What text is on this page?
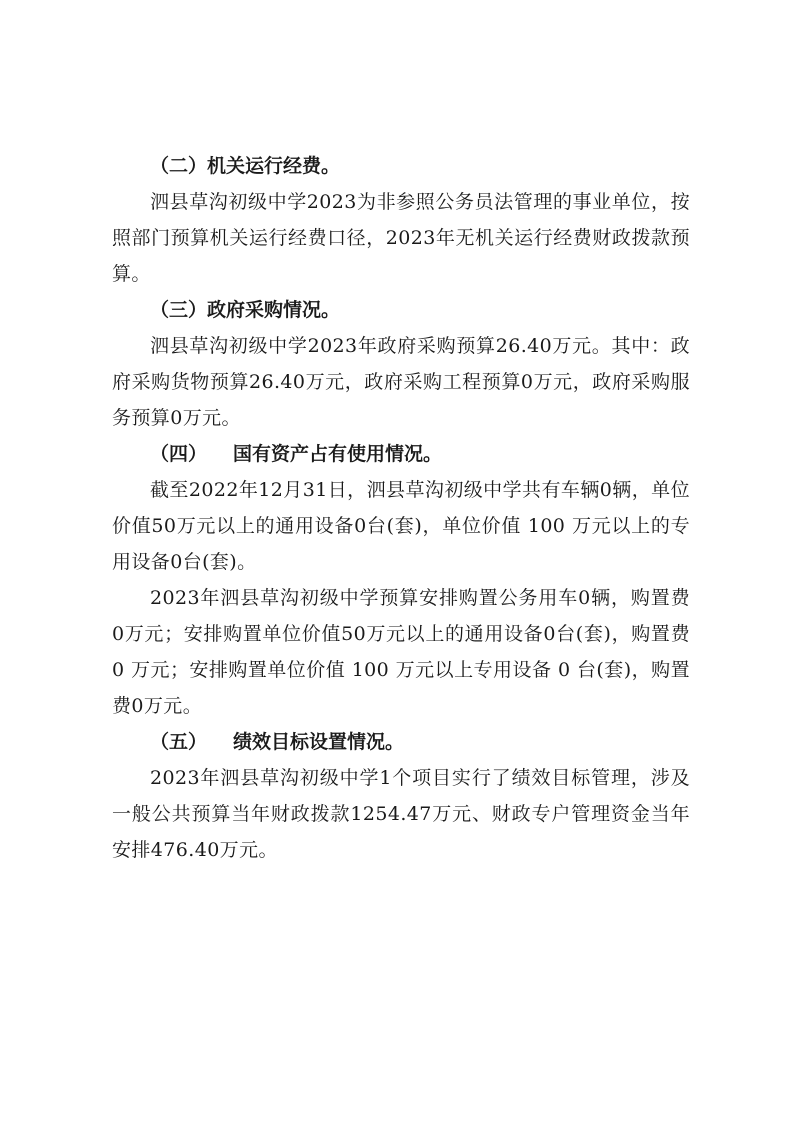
（二）机关运行经费。

泗县草沟初级中学2023为非参照公务员法管理的事业单位，按照部门预算机关运行经费口径，2023年无机关运行经费财政拨款预算。

（三）政府采购情况。

泗县草沟初级中学2023年政府采购预算26.40万元。其中：政府采购货物预算26.40万元，政府采购工程预算0万元，政府采购服务预算0万元。

（四） 国有资产占有使用情况。

截至2022年12月31日，泗县草沟初级中学共有车辆0辆，单位价值50万元以上的通用设备0台(套)，单位价值 100 万元以上的专用设备0台(套)。

2023年泗县草沟初级中学预算安排购置公务用车0辆，购置费0万元；安排购置单位价值50万元以上的通用设备0台(套)，购置费 0 万元；安排购置单位价值 100 万元以上专用设备 0 台(套)，购置费0万元。

（五） 绩效目标设置情况。

2023年泗县草沟初级中学1个项目实行了绩效目标管理，涉及一般公共预算当年财政拨款1254.47万元、财政专户管理资金当年安排476.40万元。
